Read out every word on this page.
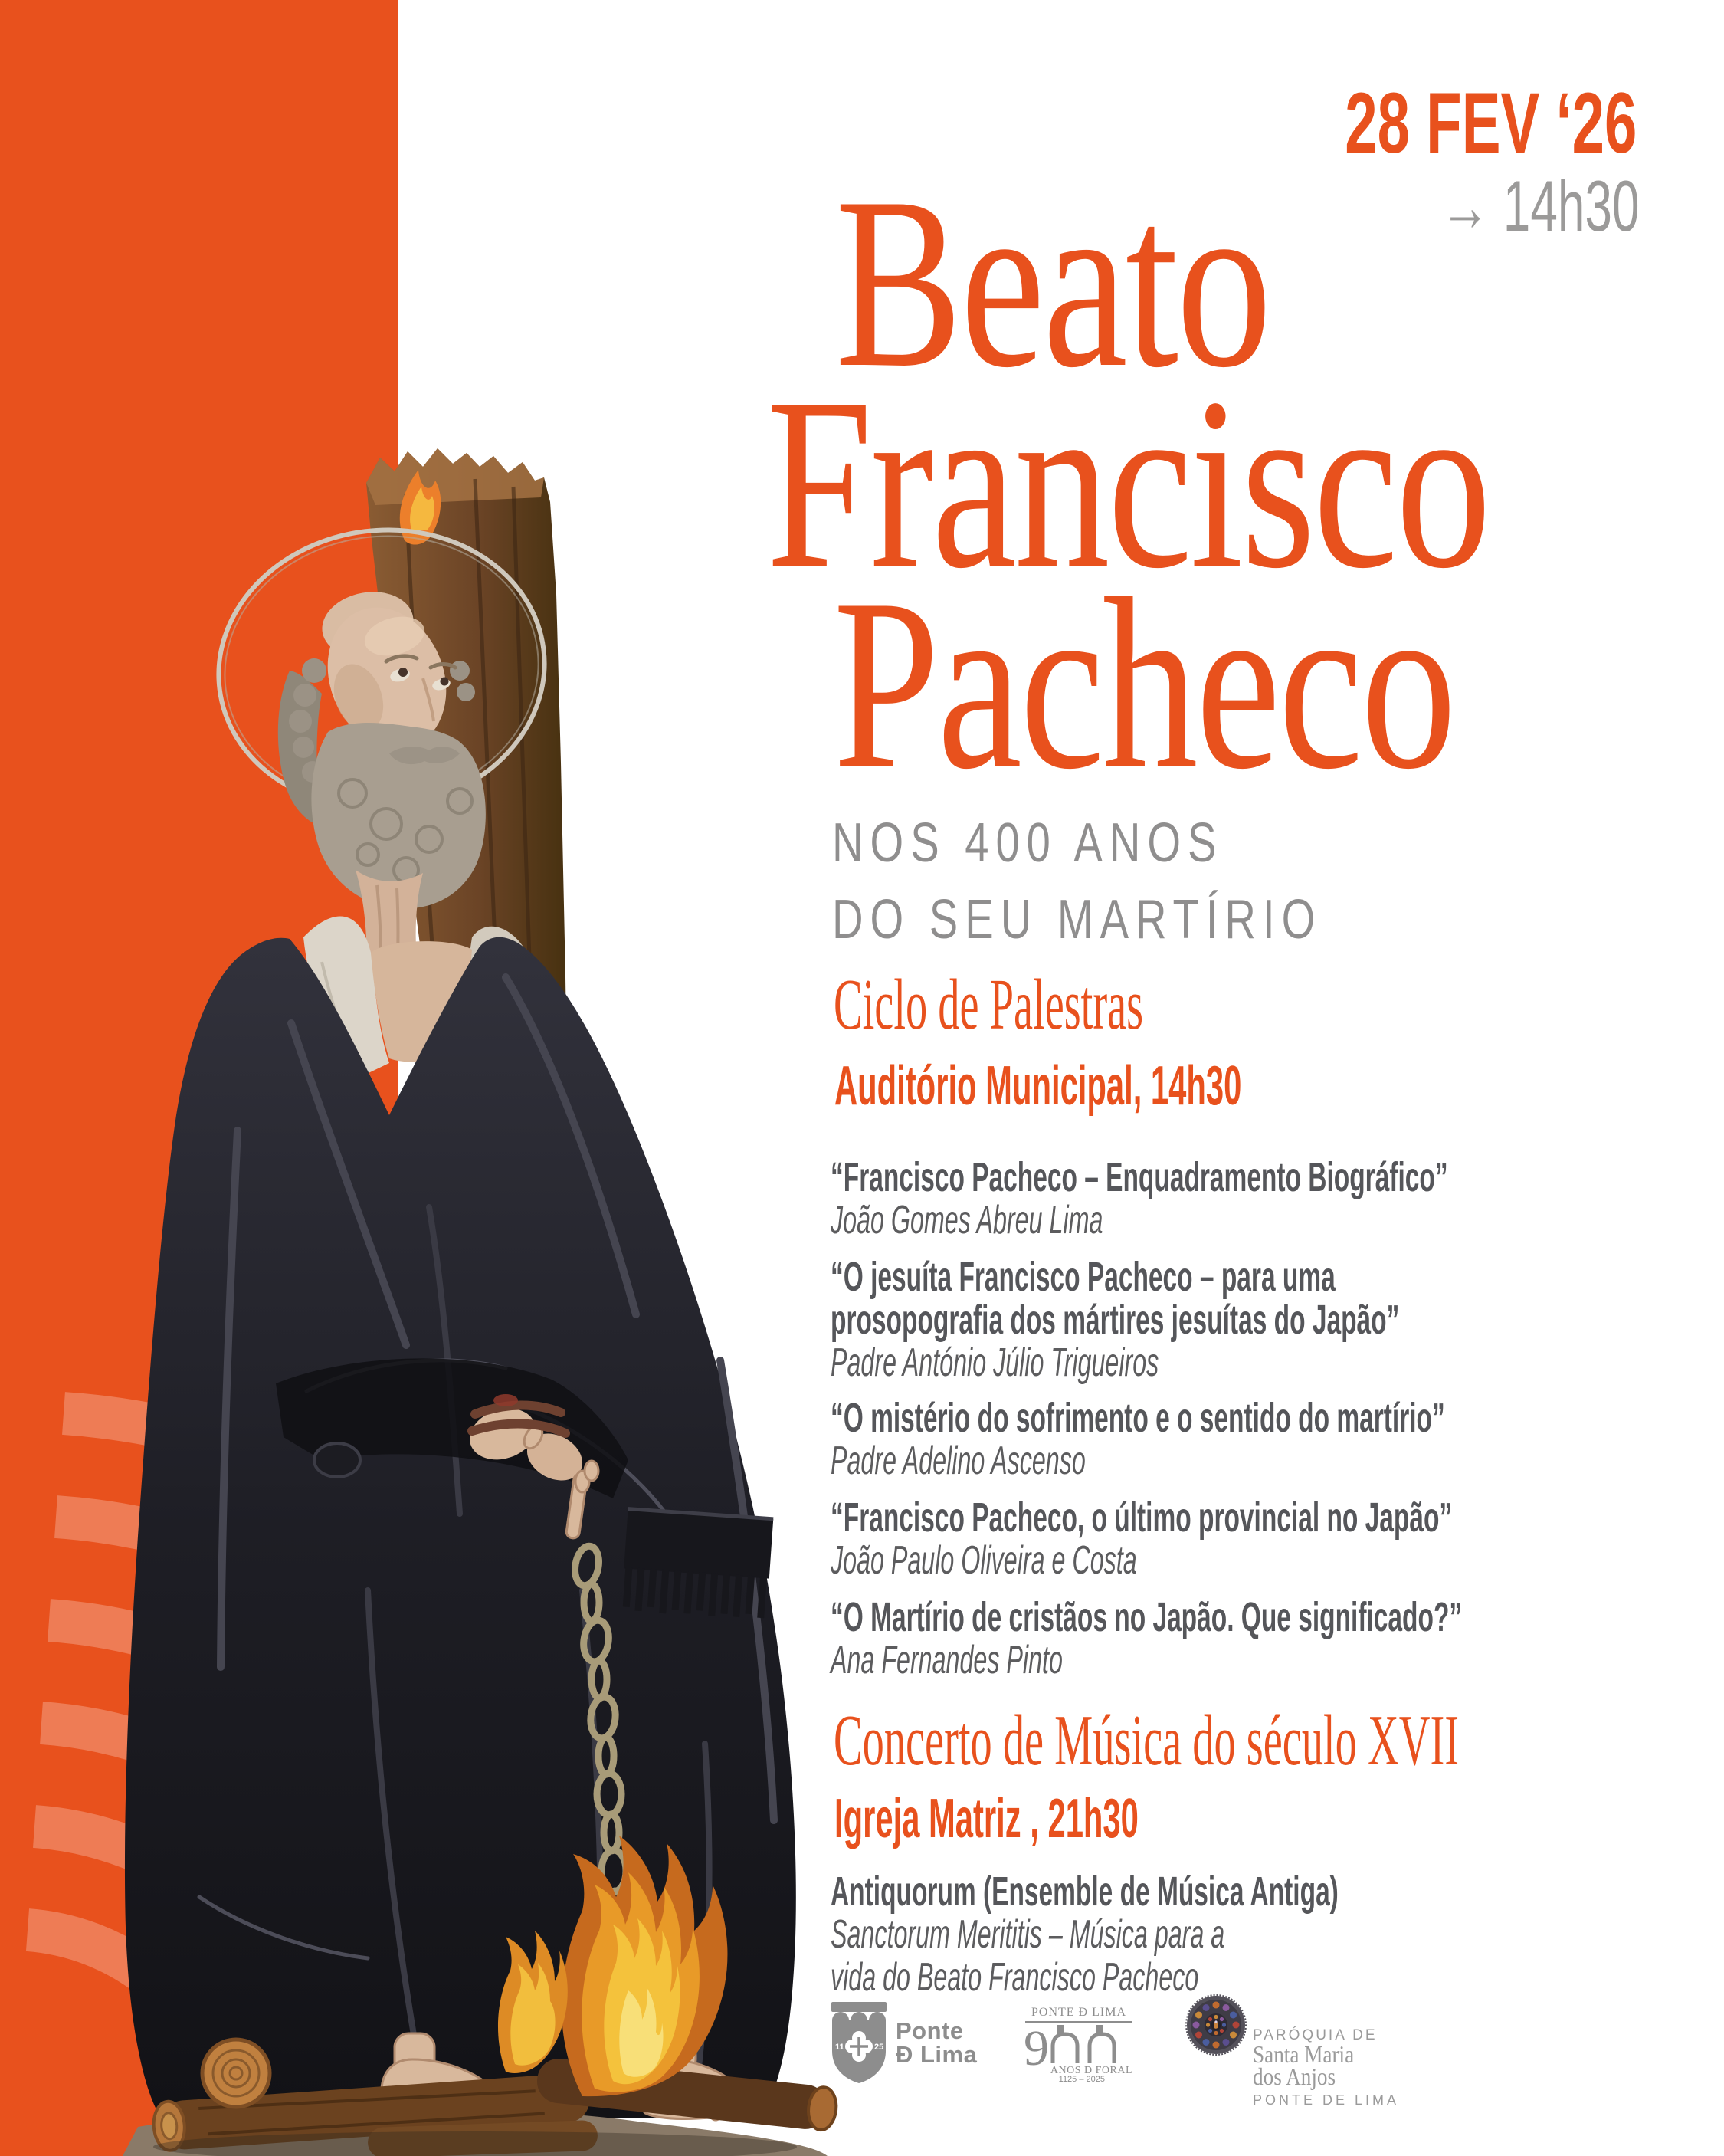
28 FEV ‘26
→ 14h30
Beato
Francisco
Pacheco
NOS 400 ANOS
DO SEU MARTÍRIO
Ciclo de Palestras
Auditório Municipal, 14h30
“Francisco Pacheco – Enquadramento Biográfico”
João Gomes Abreu Lima
“O jesuíta Francisco Pacheco – para uma
prosopografia dos mártires jesuítas do Japão”
Padre António Júlio Trigueiros
“O mistério do sofrimento e o sentido do martírio”
Padre Adelino Ascenso
“Francisco Pacheco, o último provincial no Japão”
João Paulo Oliveira e Costa
“O Martírio de cristãos no Japão. Que significado?”
Ana Fernandes Pinto
Concerto de Música do século XVII
Igreja Matriz , 21h30
Antiquorum (Ensemble de Música Antiga)
Sanctorum Merititis – Música para a
vida do Beato Francisco Pacheco
11	25
Ponte
Ð Lima
PONTE Ð LIMA
9 ANOS D FORAL
1125 – 2025
PARÓQUIA DE
Santa Maria
dos Anjos
PONTE DE LIMA
